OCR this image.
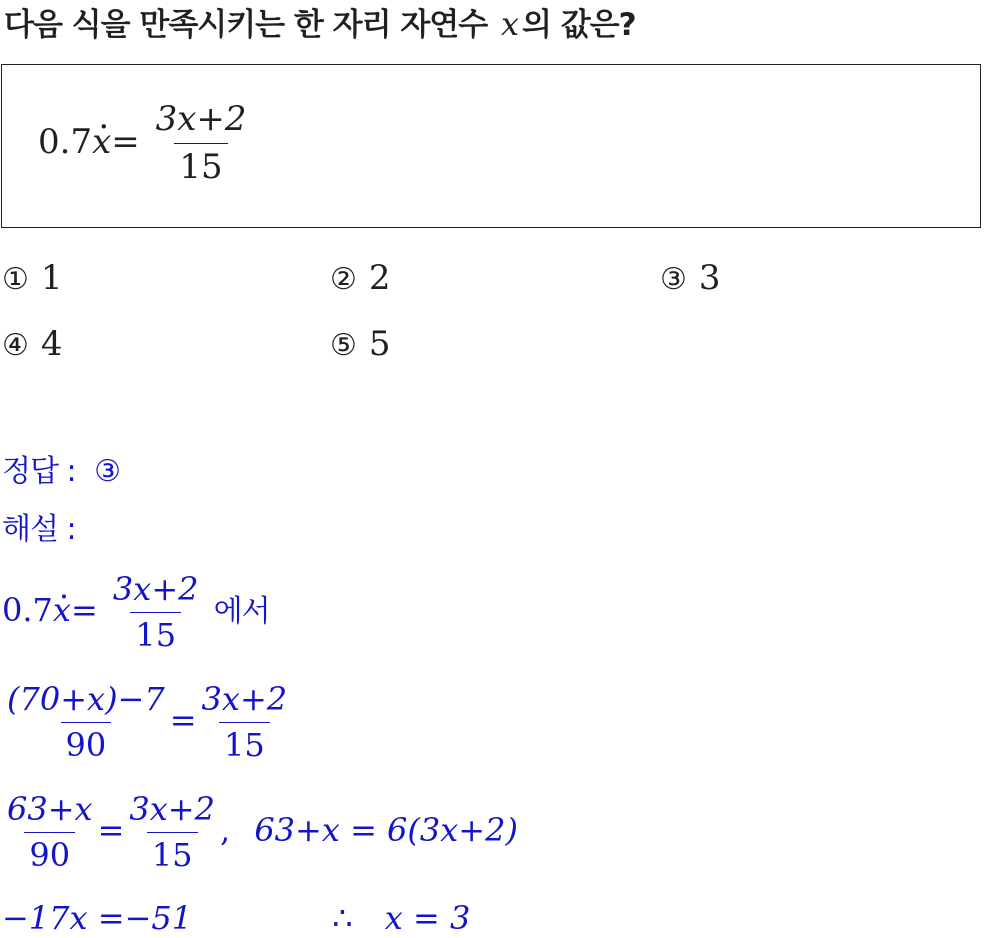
다음 식을 만족시키는 한 자리 자연수 x 의 값은?
0.7. $x= \frac{3x+2}{15}$
① 1	② 2	③ 3
④ 4	⑤ 5
정답 : ③
해설 :
0.7. $x= \frac{3x+2}{15}$ 에서
$\frac{(70+x)-7}{90} = \frac{3x+2}{15}$
$\frac{63+x}{90} = \frac{3x+2}{15}$ , 63+x = 6(3x+2)
−17x =−51	∴ x = 3
